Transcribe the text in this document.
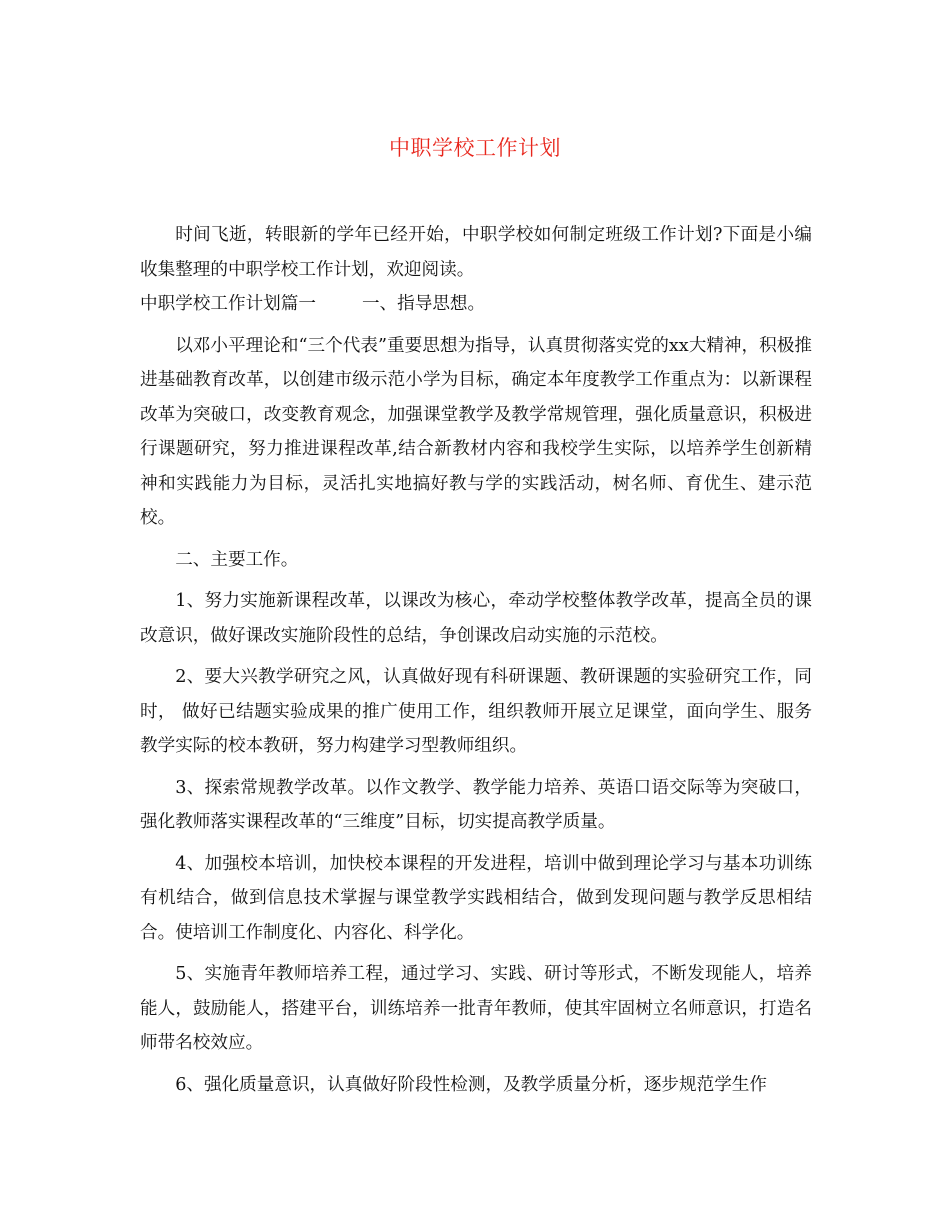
中职学校工作计划

时间飞逝，转眼新的学年已经开始，中职学校如何制定班级工作计划?下面是小编收集整理的中职学校工作计划，欢迎阅读。

中职学校工作计划篇一	一、指导思想。

以邓小平理论和“三个代表”重要思想为指导，认真贯彻落实党的xx大精神，积极推进基础教育改革，以创建市级示范小学为目标，确定本年度教学工作重点为：以新课程改革为突破口，改变教育观念，加强课堂教学及教学常规管理，强化质量意识，积极进行课题研究，努力推进课程改革,结合新教材内容和我校学生实际，以培养学生创新精神和实践能力为目标，灵活扎实地搞好教与学的实践活动，树名师、育优生、建示范校。

二、主要工作。

1、努力实施新课程改革，以课改为核心，牵动学校整体教学改革，提高全员的课改意识，做好课改实施阶段性的总结，争创课改启动实施的示范校。

2、要大兴教学研究之风，认真做好现有科研课题、教研课题的实验研究工作，同时， 做好已结题实验成果的推广使用工作，组织教师开展立足课堂，面向学生、服务教学实际的校本教研，努力构建学习型教师组织。

3、探索常规教学改革。以作文教学、教学能力培养、英语口语交际等为突破口，强化教师落实课程改革的“三维度”目标，切实提高教学质量。

4、加强校本培训，加快校本课程的开发进程，培训中做到理论学习与基本功训练有机结合，做到信息技术掌握与课堂教学实践相结合，做到发现问题与教学反思相结合。使培训工作制度化、内容化、科学化。

5、实施青年教师培养工程，通过学习、实践、研讨等形式，不断发现能人，培养能人，鼓励能人，搭建平台，训练培养一批青年教师，使其牢固树立名师意识，打造名师带名校效应。

6、强化质量意识，认真做好阶段性检测，及教学质量分析，逐步规范学生作
